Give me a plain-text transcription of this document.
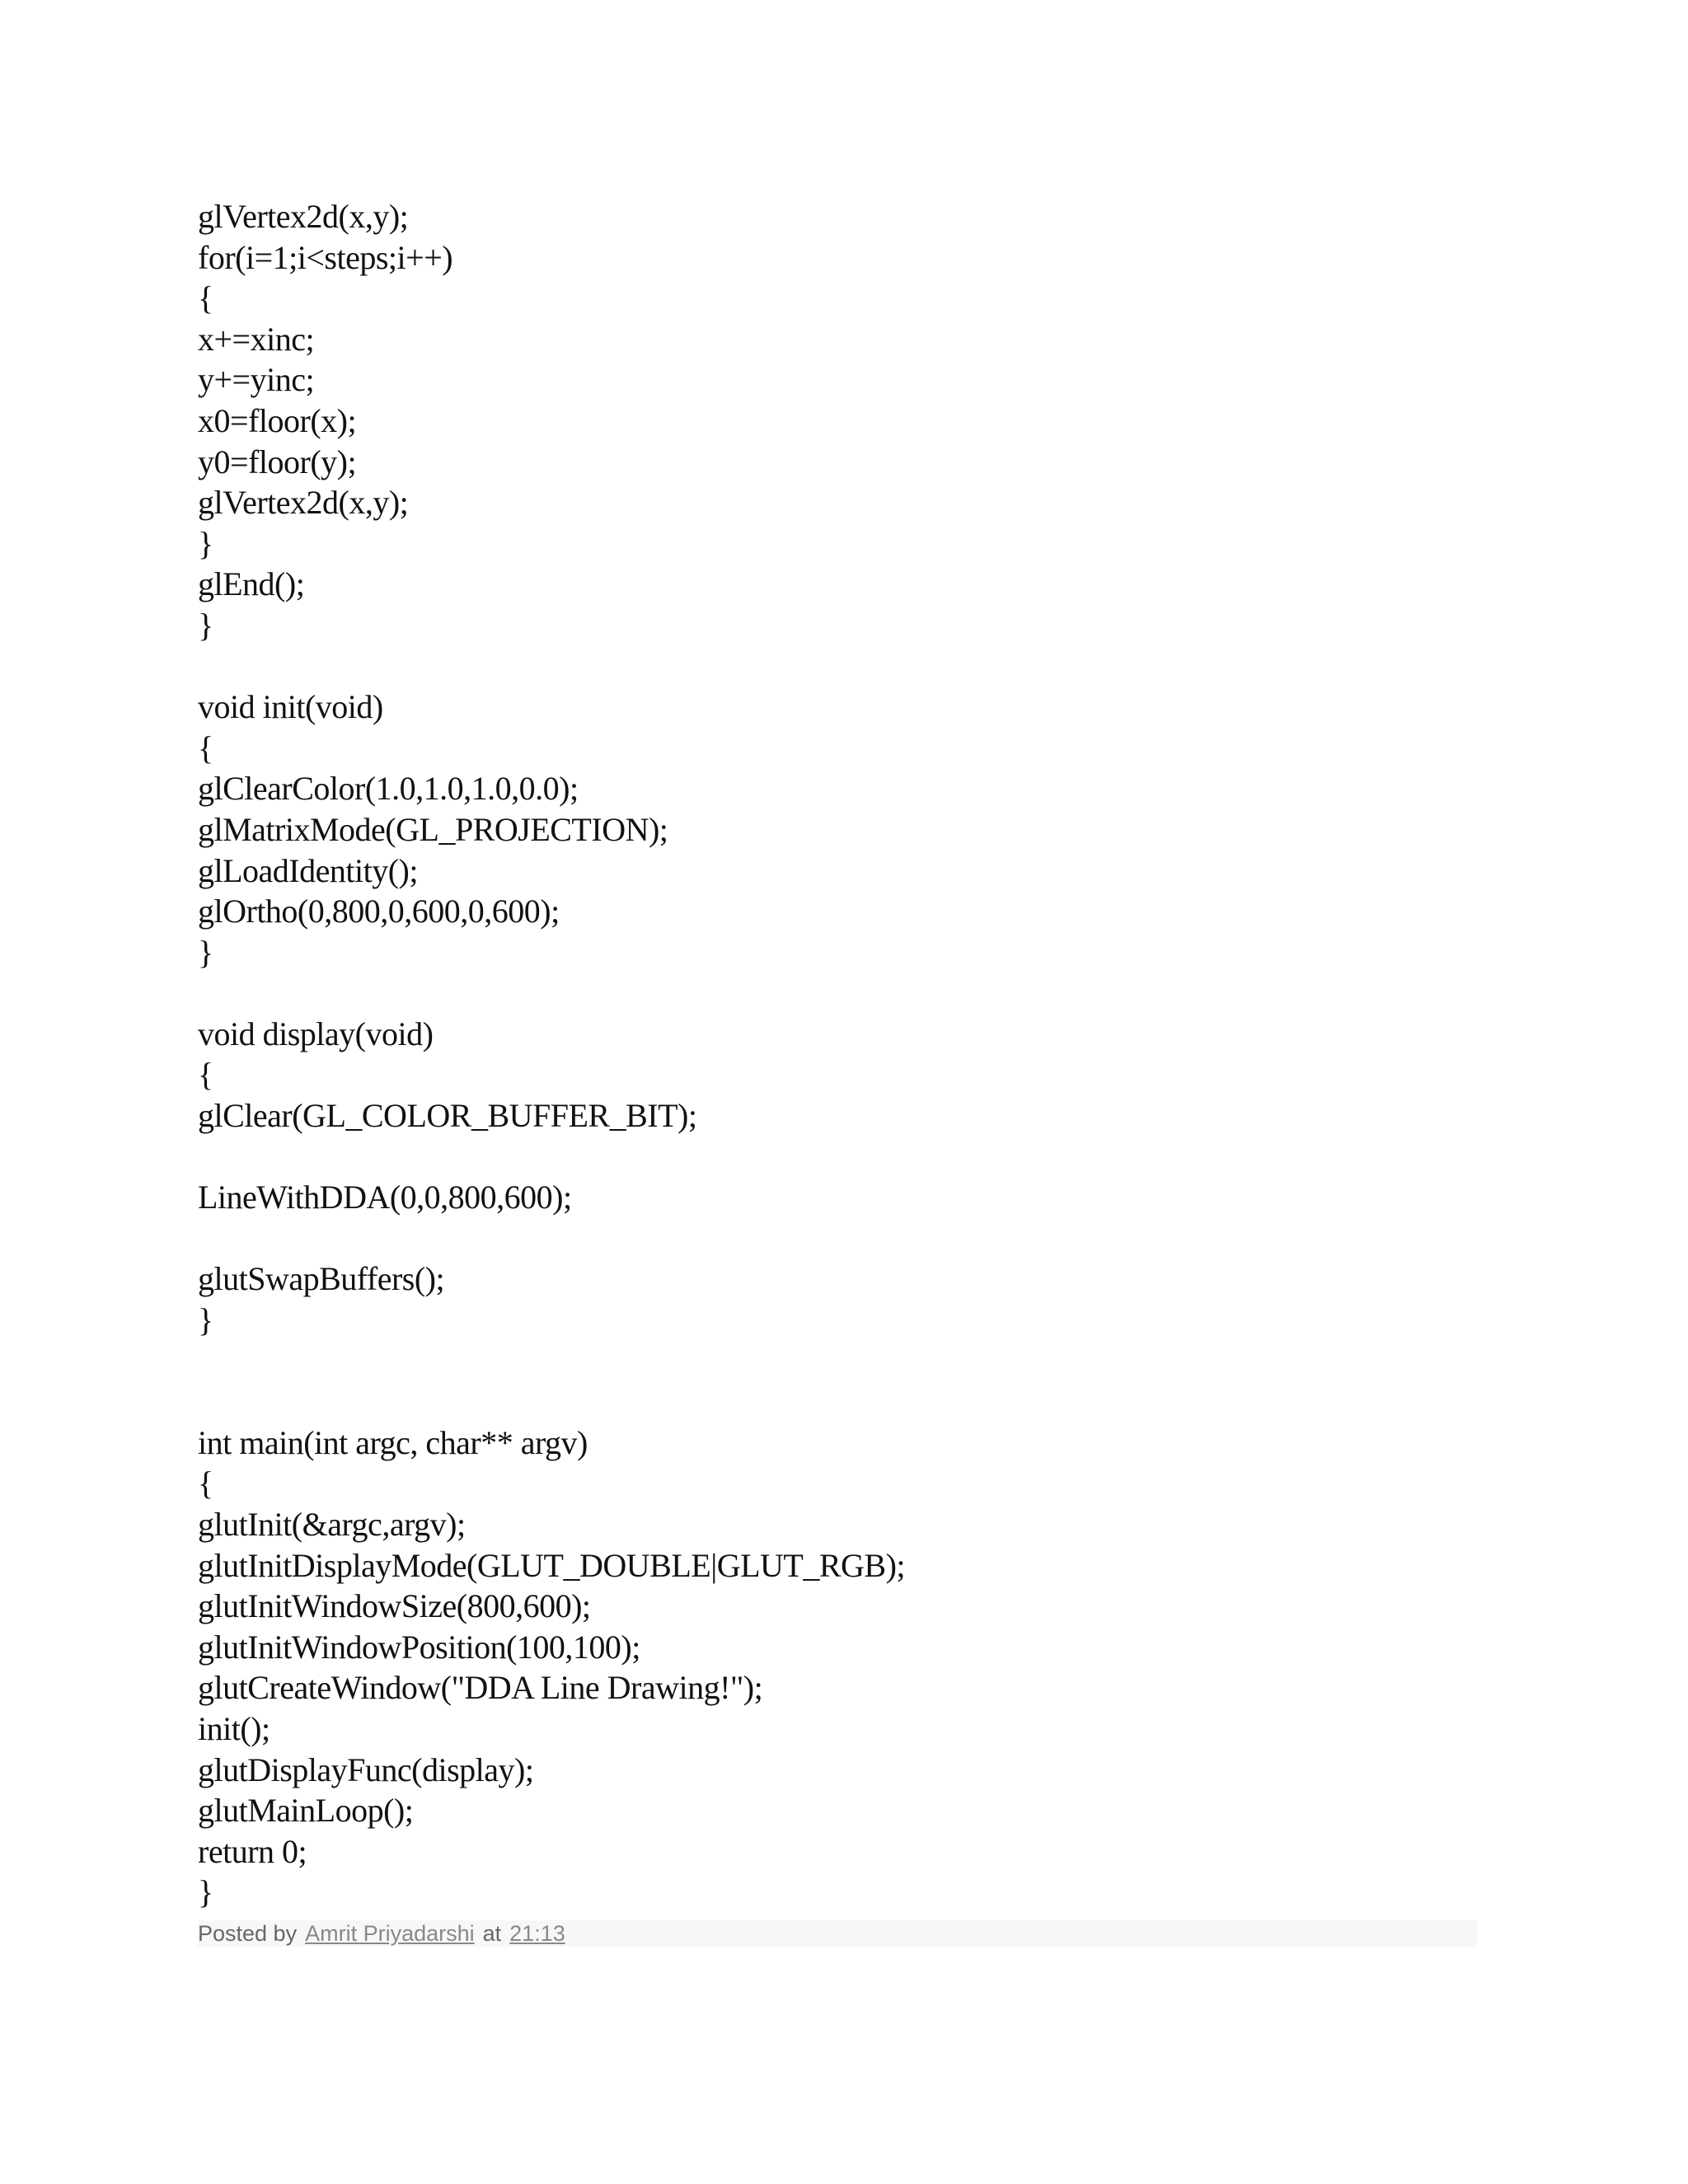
glVertex2d(x,y);
for(i=1;i<steps;i++)
{
x+=xinc;
y+=yinc;
x0=floor(x);
y0=floor(y);
glVertex2d(x,y);
}
glEnd();
}
void init(void)
{
glClearColor(1.0,1.0,1.0,0.0);
glMatrixMode(GL_PROJECTION);
glLoadIdentity();
glOrtho(0,800,0,600,0,600);
}
void display(void)
{
glClear(GL_COLOR_BUFFER_BIT);
LineWithDDA(0,0,800,600);
glutSwapBuffers();
}
int main(int argc, char** argv)
{
glutInit(&argc,argv);
glutInitDisplayMode(GLUT_DOUBLE|GLUT_RGB);
glutInitWindowSize(800,600);
glutInitWindowPosition(100,100);
glutCreateWindow("DDA Line Drawing!");
init();
glutDisplayFunc(display);
glutMainLoop();
return 0;
}
Posted by Amrit Priyadarshi at 21:13
